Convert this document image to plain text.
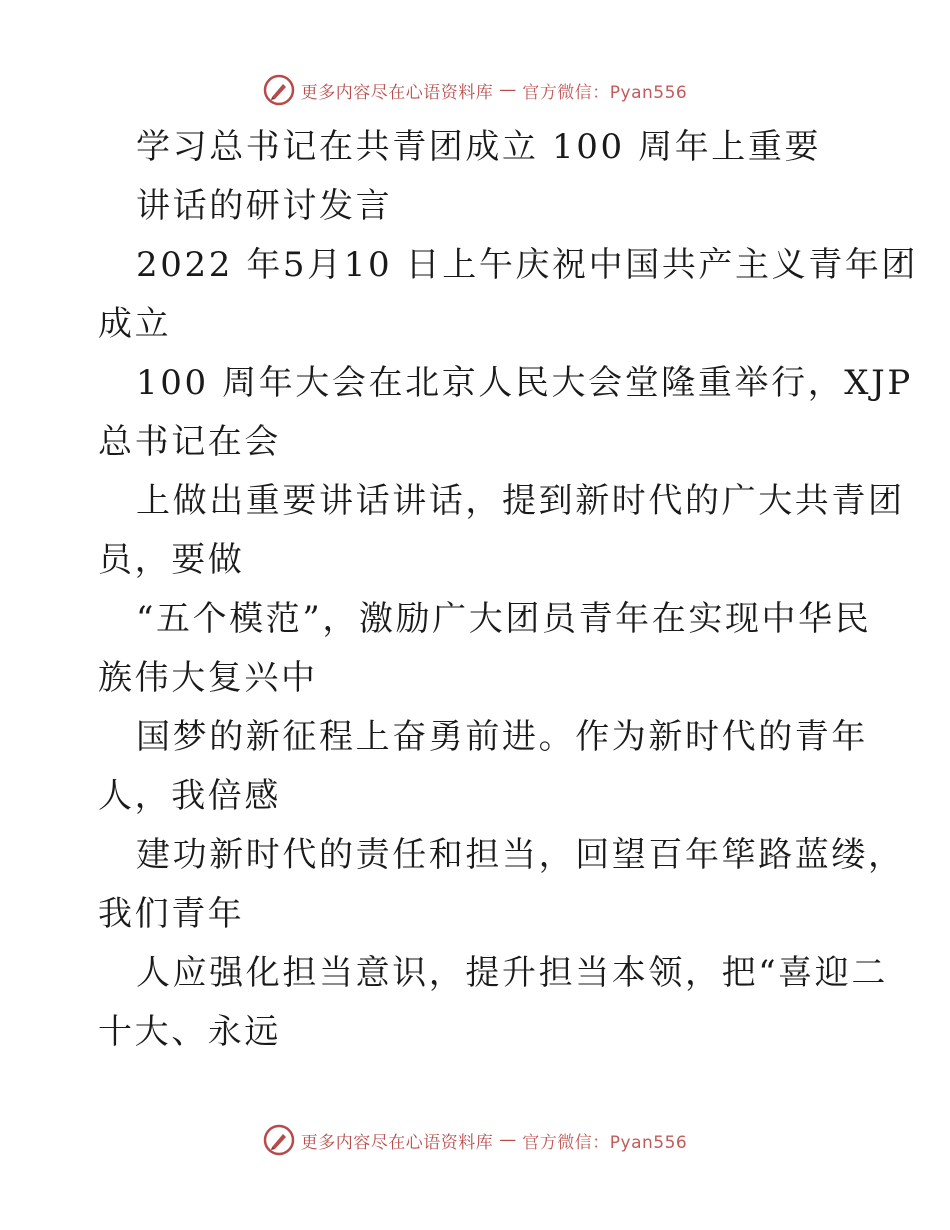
更多内容尽在心语资料库 — 官方微信：Pyan556
学习总书记在共青团成立 100 周年上重要
讲话的研讨发言
2022 年5月10 日上午庆祝中国共产主义青年团
成立
100 周年大会在北京人民大会堂隆重举行，XJP
总书记在会
上做出重要讲话讲话，提到新时代的广大共青团
员，要做
“五个模范”，激励广大团员青年在实现中华民
族伟大复兴中
国梦的新征程上奋勇前进。作为新时代的青年
人，我倍感
建功新时代的责任和担当，回望百年筚路蓝缕，
我们青年
人应强化担当意识，提升担当本领，把“喜迎二
十大、永远
更多内容尽在心语资料库 — 官方微信：Pyan556
